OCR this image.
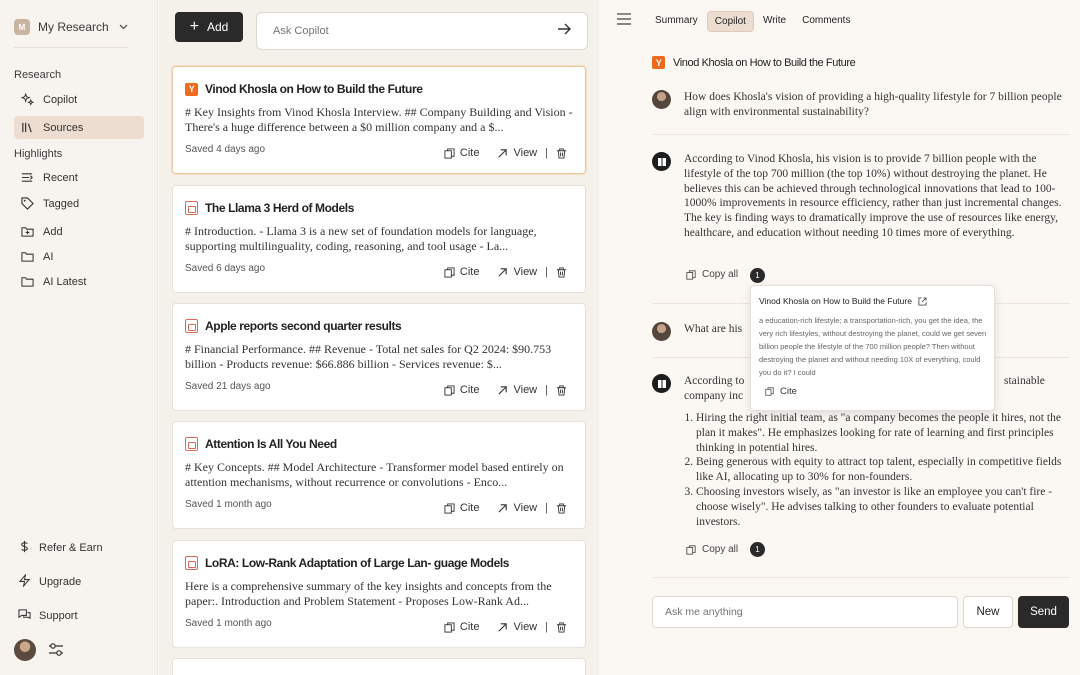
M	My Research
Research
Copilot
Sources
Highlights
Recent
Tagged
Add
AI
AI Latest
Refer & Earn
Upgrade
Support
+ Add
Ask Copilot
Y Vinod Khosla on How to Build the Future
# Key Insights from Vinod Khosla Interview. ## Company Building and Vision - There's a huge difference between a $0 million company and a $...
Saved 4 days ago	Cite	View |
The Llama 3 Herd of Models
# Introduction. - Llama 3 is a new set of foundation models for language, supporting multilinguality, coding, reasoning, and tool usage - La...
Saved 6 days ago	Cite	View |
Apple reports second quarter results
# Financial Performance. ## Revenue - Total net sales for Q2 2024: $90.753 billion - Products revenue: $66.886 billion - Services revenue: $...
Saved 21 days ago	Cite	View |
Attention Is All You Need
# Key Concepts. ## Model Architecture - Transformer model based entirely on attention mechanisms, without recurrence or convolutions - Enco...
Saved 1 month ago	Cite	View |
LoRA: Low-Rank Adaptation of Large Lan- guage Models
Here is a comprehensive summary of the key insights and concepts from the paper:. Introduction and Problem Statement - Proposes Low-Rank Ad...
Saved 1 month ago	Cite	View |
Summary	Copilot	Write	Comments
Y	Vinod Khosla on How to Build the Future
How does Khosla's vision of providing a high-quality lifestyle for 7 billion people align with environmental sustainability?
According to Vinod Khosla, his vision is to provide 7 billion people with the lifestyle of the top 700 million (the top 10%) without destroying the planet. He believes this can be achieved through technological innovations that lead to 100-1000% improvements in resource efficiency, rather than just incremental changes. The key is finding ways to dramatically improve the use of resources like energy, healthcare, and education without needing 10 times more of everything.
Copy all	1
What are his
According to	stainable
company inc
1. Hiring the right initial team, as "a company becomes the people it hires, not the plan it makes". He emphasizes looking for rate of learning and first principles thinking in potential hires.
2. Being generous with equity to attract top talent, especially in competitive fields like AI, allocating up to 30% for non-founders.
3. Choosing investors wisely, as "an investor is like an employee you can't fire - choose wisely". He advises talking to other founders to evaluate potential investors.
Copy all	1
Ask me anything
New	Send
Vinod Khosla on How to Build the Future
a education-rich lifestyle; a transportation-rich, you get the idea, the very rich lifestyles, without destroying the planet, could we get seven billion people the lifestyle of the 700 million people? Then without destroying the planet and without needing 10X of everything, could you do it? I could
Cite
